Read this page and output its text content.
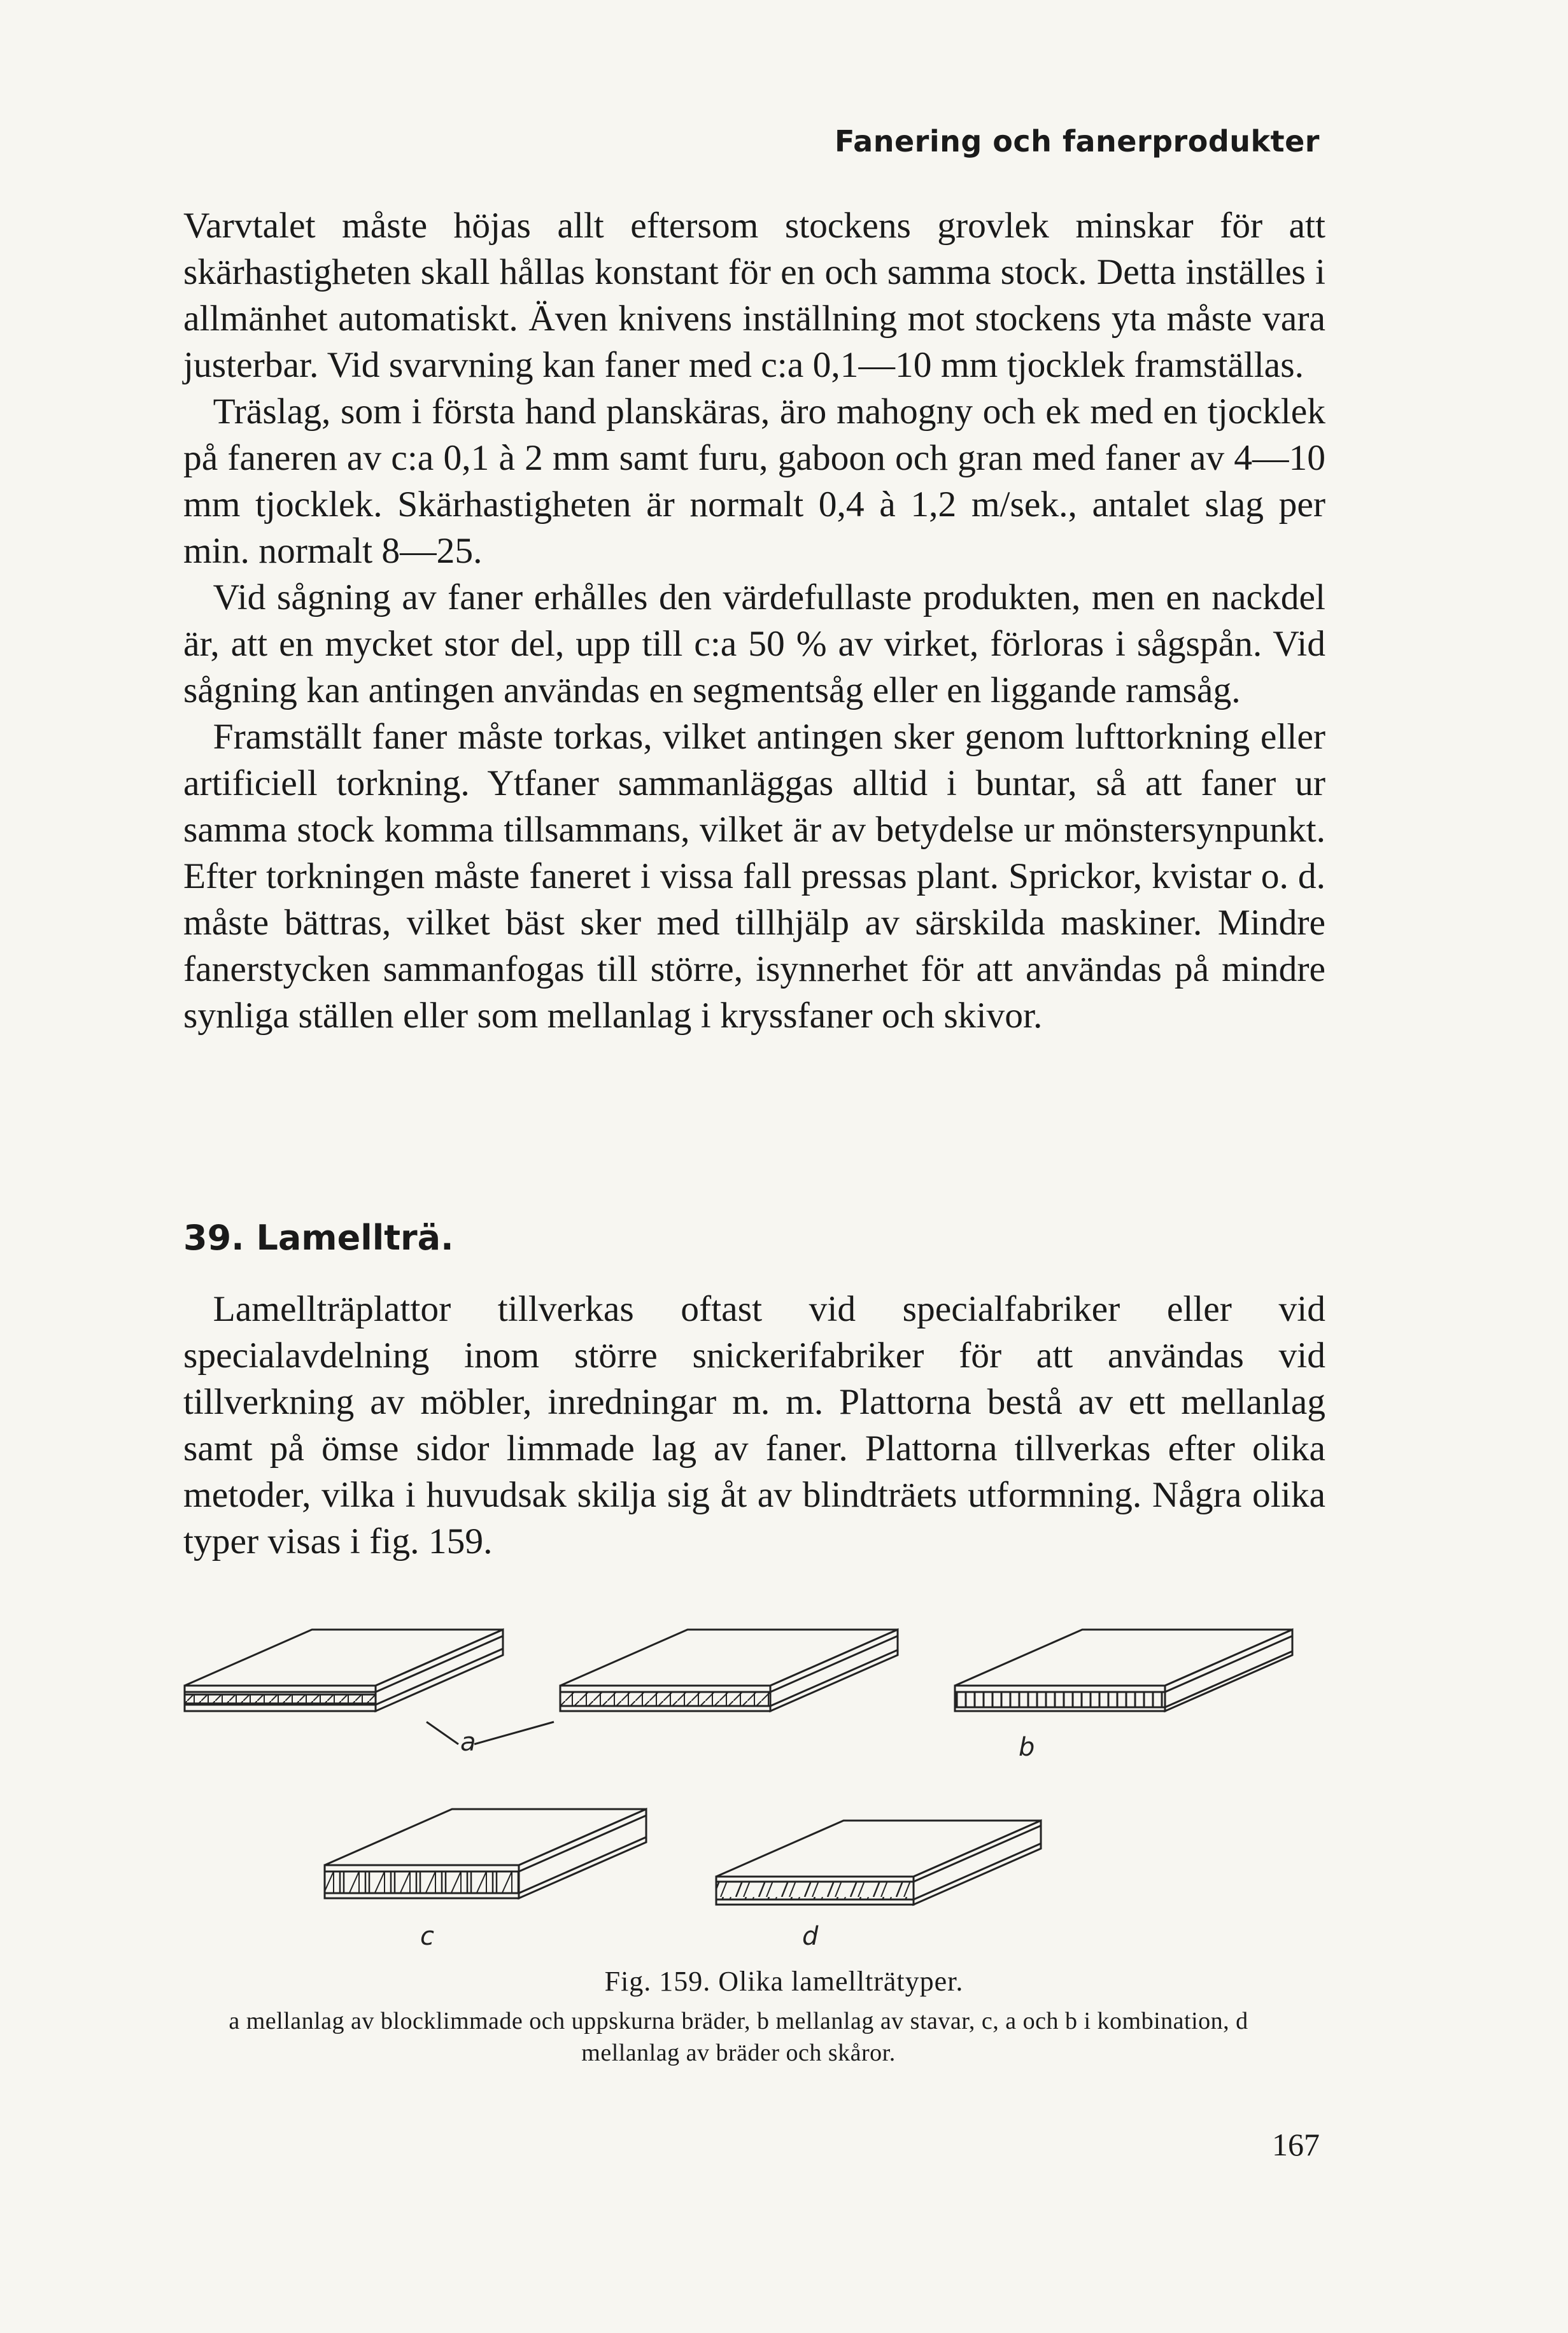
Fanering och fanerprodukter

Varvtalet måste höjas allt eftersom stockens grovlek minskar för att skärhastigheten skall hållas konstant för en och samma stock. Detta inställes i allmänhet automatiskt. Även knivens inställning mot stockens yta måste vara justerbar. Vid svarvning kan faner med c:a 0,1—10 mm tjocklek framställas.

Träslag, som i första hand planskäras, äro mahogny och ek med en tjocklek på faneren av c:a 0,1 à 2 mm samt furu, gaboon och gran med faner av 4—10 mm tjocklek. Skärhastigheten är normalt 0,4 à 1,2 m/sek., antalet slag per min. normalt 8—25.

Vid sågning av faner erhålles den värdefullaste produkten, men en nackdel är, att en mycket stor del, upp till c:a 50 % av virket, förloras i sågspån. Vid sågning kan antingen användas en segmentsåg eller en liggande ramsåg.

Framställt faner måste torkas, vilket antingen sker genom lufttorkning eller artificiell torkning. Ytfaner sammanläggas alltid i buntar, så att faner ur samma stock komma tillsammans, vilket är av betydelse ur mönstersynpunkt. Efter torkningen måste faneret i vissa fall pressas plant. Sprickor, kvistar o. d. måste bättras, vilket bäst sker med tillhjälp av särskilda maskiner. Mindre fanerstycken sammanfogas till större, isynnerhet för att användas på mindre synliga ställen eller som mellanlag i kryssfaner och skivor.

39. Lamellträ.

Lamellträplattor tillverkas oftast vid specialfabriker eller vid specialavdelning inom större snickerifabriker för att användas vid tillverkning av möbler, inredningar m. m. Plattorna bestå av ett mellanlag samt på ömse sidor limmade lag av faner. Plattorna tillverkas efter olika metoder, vilka i huvudsak skilja sig åt av blindträets utformning. Några olika typer visas i fig. 159.

a	b
c	d
Fig. 159. Olika lamellträtyper.
a mellanlag av blocklimmade och uppskurna bräder, b mellanlag av stavar, c, a och b i kombination, d mellanlag av bräder och skåror.
167
